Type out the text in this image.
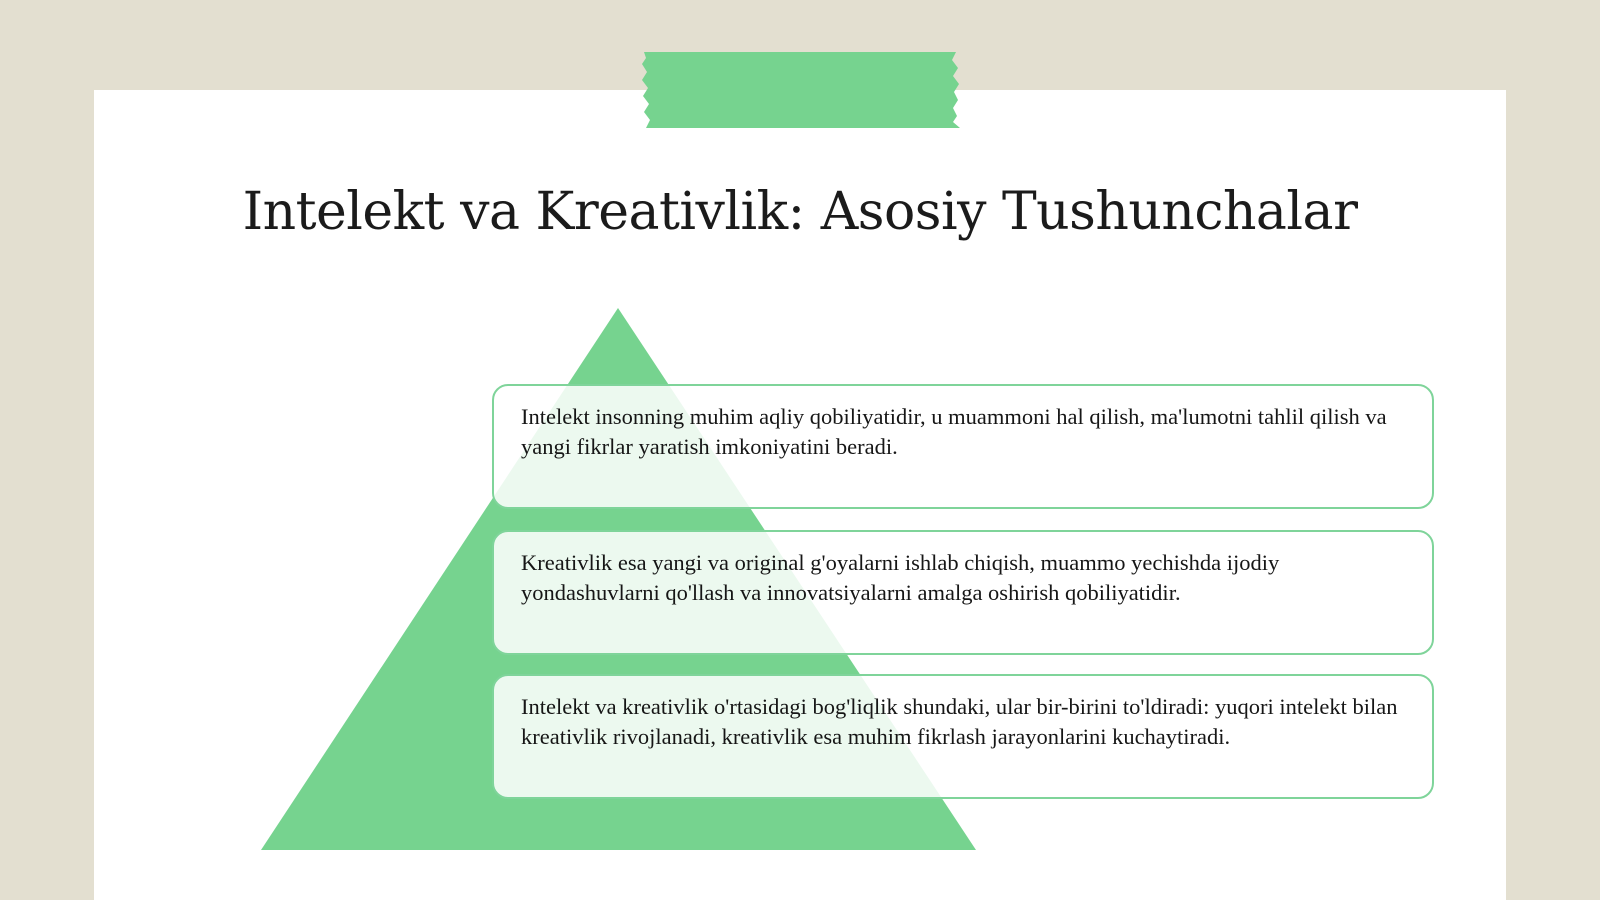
Intelekt va Kreativlik: Asosiy Tushunchalar

Intelekt insonning muhim aqliy qobiliyatidir, u muammoni hal qilish, ma'lumotni tahlil qilish va yangi fikrlar yaratish imkoniyatini beradi.

Kreativlik esa yangi va original g'oyalarni ishlab chiqish, muammo yechishda ijodiy yondashuvlarni qo'llash va innovatsiyalarni amalga oshirish qobiliyatidir.

Intelekt va kreativlik o'rtasidagi bog'liqlik shundaki, ular bir-birini to'ldiradi: yuqori intelekt bilan kreativlik rivojlanadi, kreativlik esa muhim fikrlash jarayonlarini kuchaytiradi.
